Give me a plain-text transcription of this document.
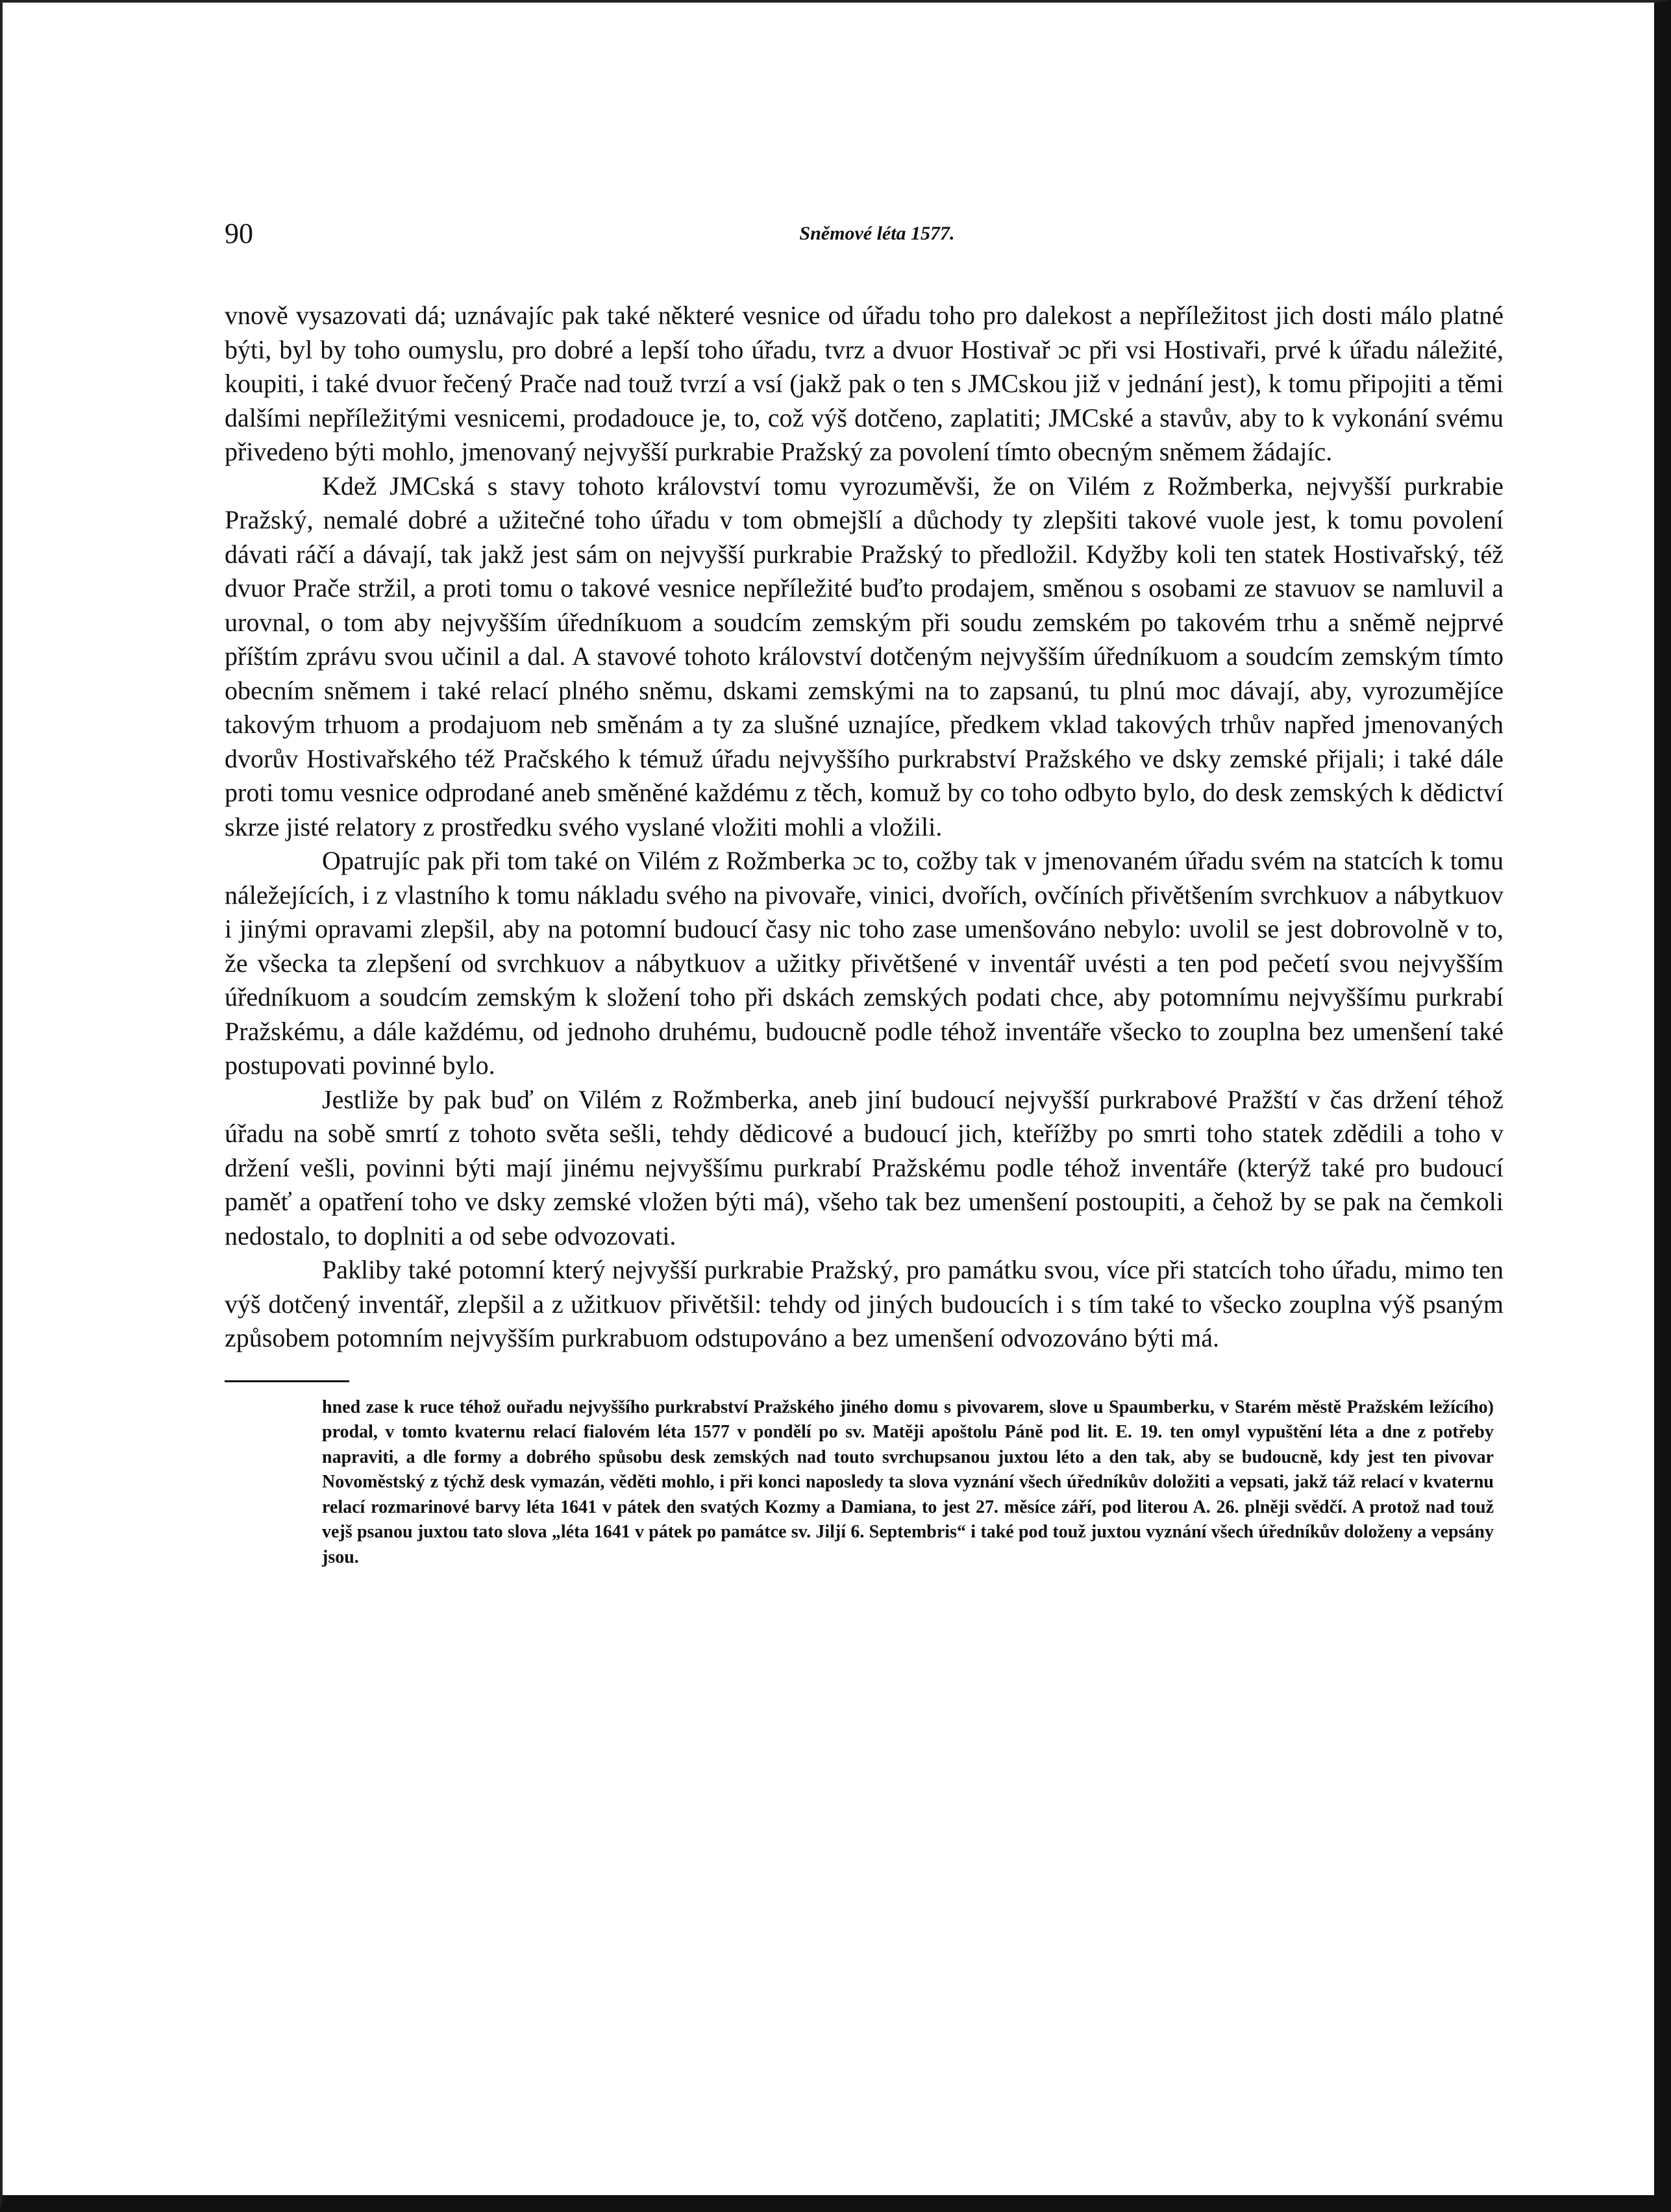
90	Sněmové léta 1577.

vnově vysazovati dá; uznávajíc pak také některé vesnice od úřadu toho pro dalekost a nepříležitost jich dosti málo platné býti, byl by toho oumyslu, pro dobré a lepší toho úřadu, tvrz a dvuor Hostivař ɔc při vsi Hostivaři, prvé k úřadu náležité, koupiti, i také dvuor řečený Prače nad touž tvrzí a vsí (jakž pak o ten s JMCskou již v jednání jest), k tomu připojiti a těmi dalšími nepříležitými vesnicemi, prodadouce je, to, což výš dotčeno, zaplatiti; JMCské a stavův, aby to k vykonání svému přivedeno býti mohlo, jmenovaný nejvyšší purkrabie Pražský za povolení tímto obecným sněmem žádajíc.

Kdež JMCská s stavy tohoto království tomu vyrozuměvši, že on Vilém z Rožmberka, nejvyšší purkrabie Pražský, nemalé dobré a užitečné toho úřadu v tom obmejšlí a důchody ty zlepšiti takové vuole jest, k tomu povolení dávati ráčí a dávají, tak jakž jest sám on nejvyšší purkrabie Pražský to předložil. Kdyžby koli ten statek Hostivařský, též dvuor Prače stržil, a proti tomu o takové vesnice nepříležité buďto prodajem, směnou s osobami ze stavuov se namluvil a urovnal, o tom aby nejvyšším úředníkuom a soudcím zemským při soudu zemském po takovém trhu a sněmě nejprvé příštím zprávu svou učinil a dal. A stavové tohoto království dotčeným nejvyšším úředníkuom a soudcím zemským tímto obecním sněmem i také relací plného sněmu, dskami zemskými na to zapsanú, tu plnú moc dávají, aby, vyrozumějíce takovým trhuom a prodajuom neb směnám a ty za slušné uznajíce, předkem vklad takových trhův napřed jmenovaných dvorův Hostivařského též Pračského k témuž úřadu nejvyššího purkrabství Pražského ve dsky zemské přijali; i také dále proti tomu vesnice odprodané aneb směněné každému z těch, komuž by co toho odbyto bylo, do desk zemských k dědictví skrze jisté relatory z prostředku svého vyslané vložiti mohli a vložili.

Opatrujíc pak při tom také on Vilém z Rožmberka ɔc to, cožby tak v jmenovaném úřadu svém na statcích k tomu náležejících, i z vlastního k tomu nákladu svého na pivovaře, vinici, dvořích, ovčíních přivětšením svrchkuov a nábytkuov i jinými opravami zlepšil, aby na potomní budoucí časy nic toho zase umenšováno nebylo: uvolil se jest dobrovolně v to, že všecka ta zlepšení od svrchkuov a nábytkuov a užitky přivětšené v inventář uvésti a ten pod pečetí svou nejvyšším úředníkuom a soudcím zemským k složení toho při dskách zemských podati chce, aby potomnímu nejvyššímu purkrabí Pražskému, a dále každému, od jednoho druhému, budoucně podle téhož inventáře všecko to zouplna bez umenšení také postupovati povinné bylo.

Jestliže by pak buď on Vilém z Rožmberka, aneb jiní budoucí nejvyšší purkrabové Pražští v čas držení téhož úřadu na sobě smrtí z tohoto světa sešli, tehdy dědicové a budoucí jich, kteřížby po smrti toho statek zdědili a toho v držení vešli, povinni býti mají jinému nejvyššímu purkrabí Pražskému podle téhož inventáře (kterýž také pro budoucí paměť a opatření toho ve dsky zemské vložen býti má), všeho tak bez umenšení postoupiti, a čehož by se pak na čemkoli nedostalo, to doplniti a od sebe odvozovati.

Pakliby také potomní který nejvyšší purkrabie Pražský, pro památku svou, více při statcích toho úřadu, mimo ten výš dotčený inventář, zlepšil a z užitkuov přivětšil: tehdy od jiných budoucích i s tím také to všecko zouplna výš psaným způsobem potomním nejvyšším purkrabuom odstupováno a bez umenšení odvozováno býti má.

hned zase k ruce téhož ouřadu nejvyššího purkrabství Pražského jiného domu s pivovarem, slove u Spaumberku, v Starém městě Pražském ležícího) prodal, v tomto kvaternu relací fialovém léta 1577 v pondělí po sv. Matěji apoštolu Páně pod lit. E. 19. ten omyl vypuštění léta a dne z potřeby napraviti, a dle formy a dobrého spůsobu desk zemských nad touto svrchupsanou juxtou léto a den tak, aby se budoucně, kdy jest ten pivovar Novoměstský z týchž desk vymazán, věděti mohlo, i při konci naposledy ta slova vyznání všech úředníkův doložiti a vepsati, jakž táž relací v kvaternu relací rozmarinové barvy léta 1641 v pátek den svatých Kozmy a Damiana, to jest 27. měsíce září, pod literou A. 26. plněji svědčí. A protož nad touž vejš psanou juxtou tato slova „léta 1641 v pátek po památce sv. Jiljí 6. Septembris“ i také pod touž juxtou vyznání všech úředníkův doloženy a vepsány jsou.
